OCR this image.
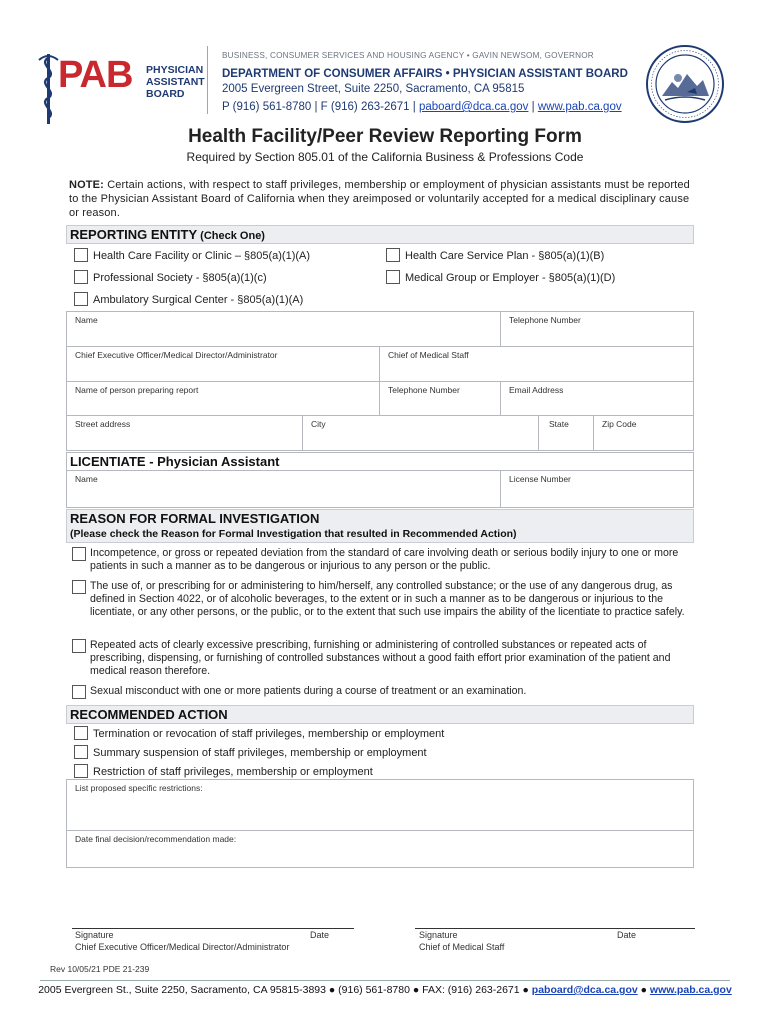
PAB PHYSICIAN
ASSISTANT
BOARD
BUSINESS, CONSUMER SERVICES AND HOUSING AGENCY • GAVIN NEWSOM, GOVERNOR
DEPARTMENT OF CONSUMER AFFAIRS • PHYSICIAN ASSISTANT BOARD
2005 Evergreen Street, Suite 2250, Sacramento, CA 95815
P (916) 561-8780 | F (916) 263-2671 | paboard@dca.ca.gov | www.pab.ca.gov
Health Facility/Peer Review Reporting Form
Required by Section 805.01 of the California Business & Professions Code
NOTE: Certain actions, with respect to staff privileges, membership or employment of physician assistants must be reported to the Physician Assistant Board of California when they areimposed or voluntarily accepted for a medical disciplinary cause or reason.
REPORTING ENTITY (Check One)
Health Care Facility or Clinic – §805(a)(1)(A)	Health Care Service Plan - §805(a)(1)(B)
Professional Society - §805(a)(1)(c)	Medical Group or Employer - §805(a)(1)(D)
Ambulatory Surgical Center - §805(a)(1)(A)
Name	Telephone Number
Chief Executive Officer/Medical Director/Administrator	Chief of Medical Staff
Name of person preparing report	Telephone Number	Email Address
Street address	City	State	Zip Code
LICENTIATE - Physician Assistant
Name	License Number
REASON FOR FORMAL INVESTIGATION
(Please check the Reason for Formal Investigation that resulted in Recommended Action)
Incompetence, or gross or repeated deviation from the standard of care involving death or serious bodily injury to one or more patients in such a manner as to be dangerous or injurious to any person or the public.
The use of, or prescribing for or administering to him/herself, any controlled substance; or the use of any dangerous drug, as defined in Section 4022, or of alcoholic beverages, to the extent or in such a manner as to be dangerous or injurious to the licentiate, or any other persons, or the public, or to the extent that such use impairs the ability of the licentiate to practice safely.
Repeated acts of clearly excessive prescribing, furnishing or administering of controlled substances or repeated acts of prescribing, dispensing, or furnishing of controlled substances without a good faith effort prior examination of the patient and medical reason therefore.
Sexual misconduct with one or more patients during a course of treatment or an examination.
RECOMMENDED ACTION
Termination or revocation of staff privileges, membership or employment
Summary suspension of staff privileges, membership or employment
Restriction of staff privileges, membership or employment
List proposed specific restrictions:
Date final decision/recommendation made:
Signature
Chief Executive Officer/Medical Director/Administrator
Date	Signature
Chief of Medical Staff
Date
Rev 10/05/21 PDE 21-239
2005 Evergreen St., Suite 2250, Sacramento, CA 95815-3893 ● (916) 561-8780 ● FAX: (916) 263-2671 ● paboard@dca.ca.gov ● www.pab.ca.gov
